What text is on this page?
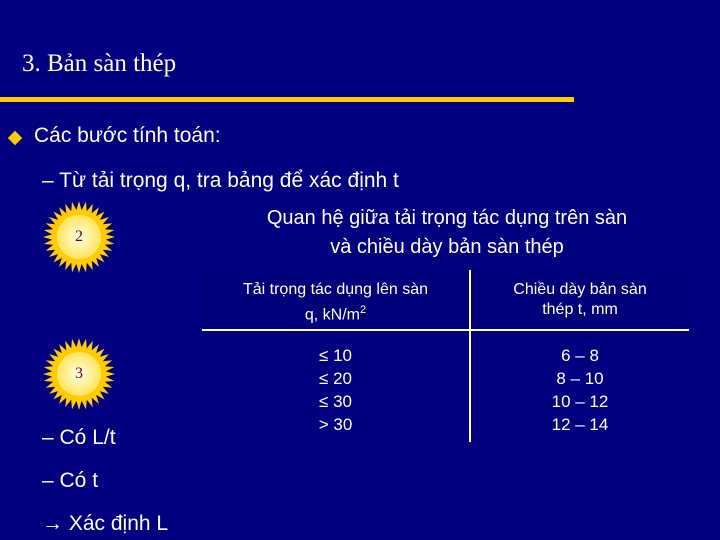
3. Bản sàn thép
Các bước tính toán:
– Từ tải trọng q, tra bảng để xác định t
Quan hệ giữa tải trọng tác dụng trên sàn
và chiều dày bản sàn thép
2
3
Tải trọng tác dụng lên sàn
q, $kN/m^2$
Chiều dày bản sàn
thép t, mm
≤ 10
≤ 20
≤ 30
> 30
6 – 8
8 – 10
10 – 12
12 – 14
– Có L/t
– Có t
→ Xác định L
